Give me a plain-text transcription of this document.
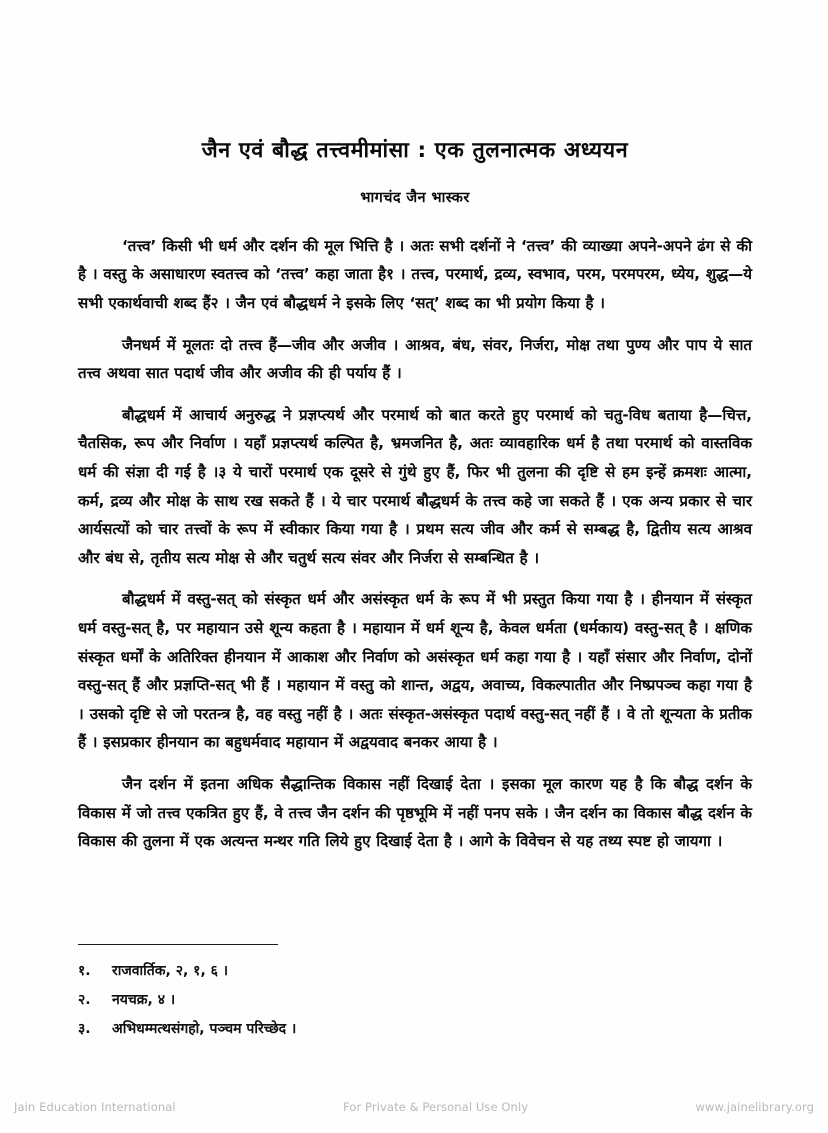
जैन एवं बौद्ध तत्त्वमीमांसा : एक तुलनात्मक अध्ययन

भागचंद जैन भास्कर

‘तत्त्व’ किसी भी धर्म और दर्शन की मूल भित्ति है । अतः सभी दर्शनों ने ‘तत्त्व’ की व्याख्या अपने-अपने ढंग से की है । वस्तु के असाधारण स्वतत्त्व को ‘तत्त्व’ कहा जाता है१ । तत्त्व, परमार्थ, द्रव्य, स्वभाव, परम, परमपरम, ध्येय, शुद्ध—ये सभी एकार्थवाची शब्द हैं२ । जैन एवं बौद्धधर्म ने इसके लिए ‘सत्’ शब्द का भी प्रयोग किया है ।

जैनधर्म में मूलतः दो तत्त्व हैं—जीव और अजीव । आश्रव, बंध, संवर, निर्जरा, मोक्ष तथा पुण्य और पाप ये सात तत्त्व अथवा सात पदार्थ जीव और अजीव की ही पर्याय हैं ।

बौद्धधर्म में आचार्य अनुरुद्ध ने प्रज्ञप्त्यर्थ और परमार्थ को बात करते हुए परमार्थ को चतु-विध बताया है—चित्त, चैतसिक, रूप और निर्वाण । यहाँ प्रज्ञप्त्यर्थ कल्पित है, भ्रमजनित है, अतः व्यावहारिक धर्म है तथा परमार्थ को वास्तविक धर्म की संज्ञा दी गई है ।३ ये चारों परमार्थ एक दूसरे से गुंथे हुए हैं, फिर भी तुलना की दृष्टि से हम इन्हें क्रमशः आत्मा, कर्म, द्रव्य और मोक्ष के साथ रख सकते हैं । ये चार परमार्थ बौद्धधर्म के तत्त्व कहे जा सकते हैं । एक अन्य प्रकार से चार आर्यसत्यों को चार तत्त्वों के रूप में स्वीकार किया गया है । प्रथम सत्य जीव और कर्म से सम्बद्ध है, द्वितीय सत्य आश्रव और बंध से, तृतीय सत्य मोक्ष से और चतुर्थ सत्य संवर और निर्जरा से सम्बन्धित है ।

बौद्धधर्म में वस्तु-सत् को संस्कृत धर्म और असंस्कृत धर्म के रूप में भी प्रस्तुत किया गया है । हीनयान में संस्कृत धर्म वस्तु-सत् है, पर महायान उसे शून्य कहता है । महायान में धर्म शून्य है, केवल धर्मता (धर्मकाय) वस्तु-सत् है । क्षणिक संस्कृत धर्मों के अतिरिक्त हीनयान में आकाश और निर्वाण को असंस्कृत धर्म कहा गया है । यहाँ संसार और निर्वाण, दोनों वस्तु-सत् हैं और प्रज्ञप्ति-सत् भी हैं । महायान में वस्तु को शान्त, अद्वय, अवाच्य, विकल्पातीत और निष्प्रपञ्च कहा गया है । उसको दृष्टि से जो परतन्त्र है, वह वस्तु नहीं है । अतः संस्कृत-असंस्कृत पदार्थ वस्तु-सत् नहीं हैं । वे तो शून्यता के प्रतीक हैं । इसप्रकार हीनयान का बहुधर्मवाद महायान में अद्वयवाद बनकर आया है ।

जैन दर्शन में इतना अधिक सैद्धान्तिक विकास नहीं दिखाई देता । इसका मूल कारण यह है कि बौद्ध दर्शन के विकास में जो तत्त्व एकत्रित हुए हैं, वे तत्त्व जैन दर्शन की पृष्ठभूमि में नहीं पनप सके । जैन दर्शन का विकास बौद्ध दर्शन के विकास की तुलना में एक अत्यन्त मन्थर गति लिये हुए दिखाई देता है । आगे के विवेचन से यह तथ्य स्पष्ट हो जायगा ।

१. राजवार्तिक, २, १, ६ ।
२. नयचक्र, ४ ।
३. अभिधम्मत्थसंगहो, पञ्चम परिच्छेद ।
Jain Education International	For Private & Personal Use Only	www.jainelibrary.org
